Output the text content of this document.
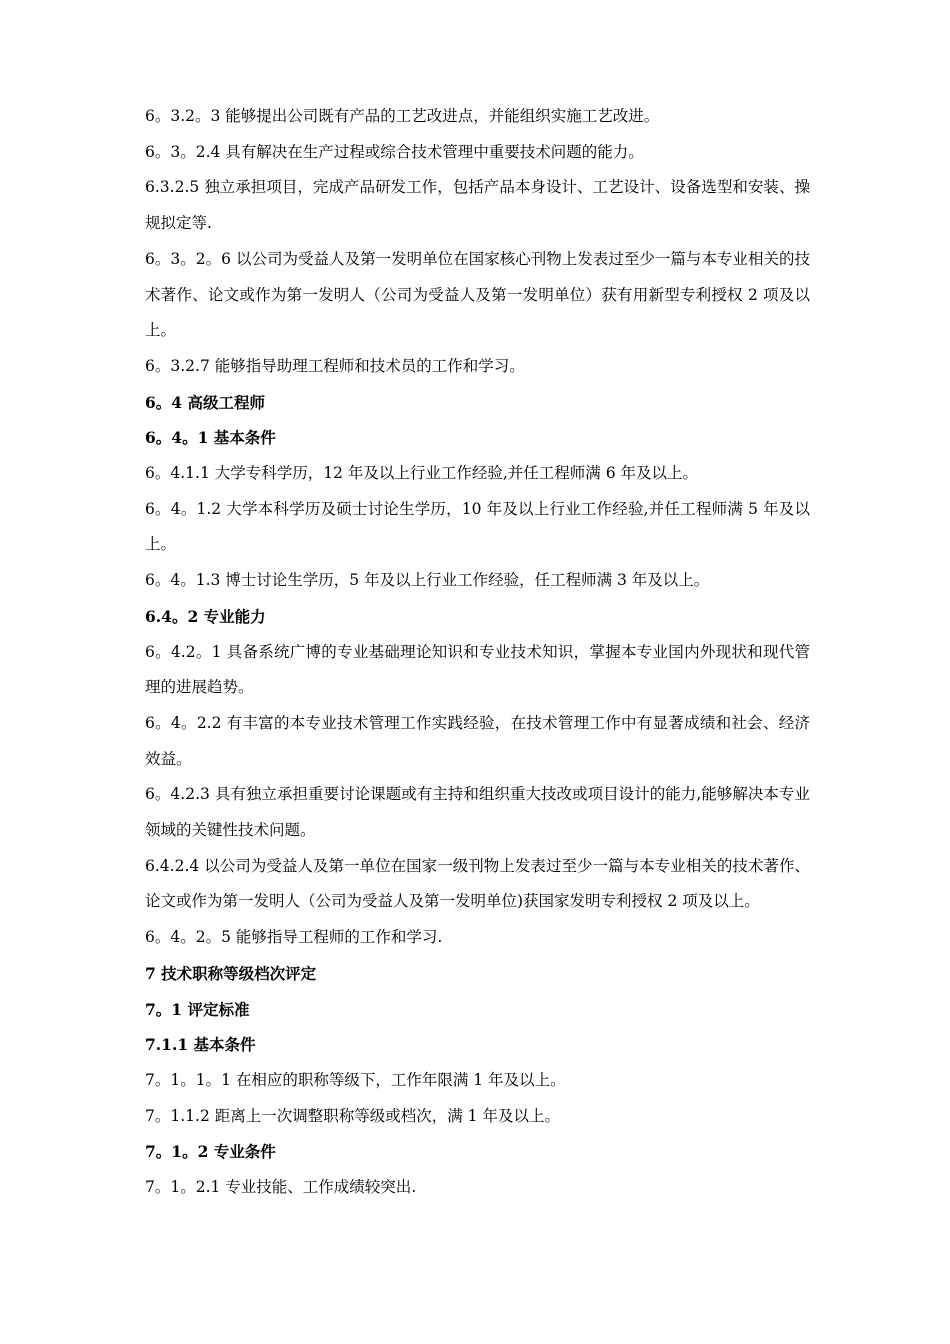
6。3.2。3 能够提出公司既有产品的工艺改进点，并能组织实施工艺改进。

6。3。2.4 具有解决在生产过程或综合技术管理中重要技术问题的能力。

6.3.2.5 独立承担项目，完成产品研发工作，包括产品本身设计、工艺设计、设备选型和安装、操规拟定等.

6。3。2。6 以公司为受益人及第一发明单位在国家核心刊物上发表过至少一篇与本专业相关的技术著作、论文或作为第一发明人（公司为受益人及第一发明单位）获有用新型专利授权 2 项及以上。

6。3.2.7 能够指导助理工程师和技术员的工作和学习。

6。4 高级工程师

6。4。1 基本条件

6。4.1.1 大学专科学历，12 年及以上行业工作经验,并任工程师满 6 年及以上。

6。4。1.2 大学本科学历及硕士讨论生学历，10 年及以上行业工作经验,并任工程师满 5 年及以上。

6。4。1.3 博士讨论生学历，5 年及以上行业工作经验，任工程师满 3 年及以上。

6.4。2 专业能力

6。4.2。1 具备系统广博的专业基础理论知识和专业技术知识，掌握本专业国内外现状和现代管理的进展趋势。

6。4。2.2 有丰富的本专业技术管理工作实践经验，在技术管理工作中有显著成绩和社会、经济效益。

6。4.2.3 具有独立承担重要讨论课题或有主持和组织重大技改或项目设计的能力,能够解决本专业领域的关键性技术问题。

6.4.2.4 以公司为受益人及第一单位在国家一级刊物上发表过至少一篇与本专业相关的技术著作、论文或作为第一发明人（公司为受益人及第一发明单位)获国家发明专利授权 2 项及以上。

6。4。2。5 能够指导工程师的工作和学习.

7 技术职称等级档次评定

7。1 评定标准

7.1.1 基本条件

7。1。1。1 在相应的职称等级下，工作年限满 1 年及以上。

7。1.1.2 距离上一次调整职称等级或档次，满 1 年及以上。

7。1。2 专业条件

7。1。2.1 专业技能、工作成绩较突出.
